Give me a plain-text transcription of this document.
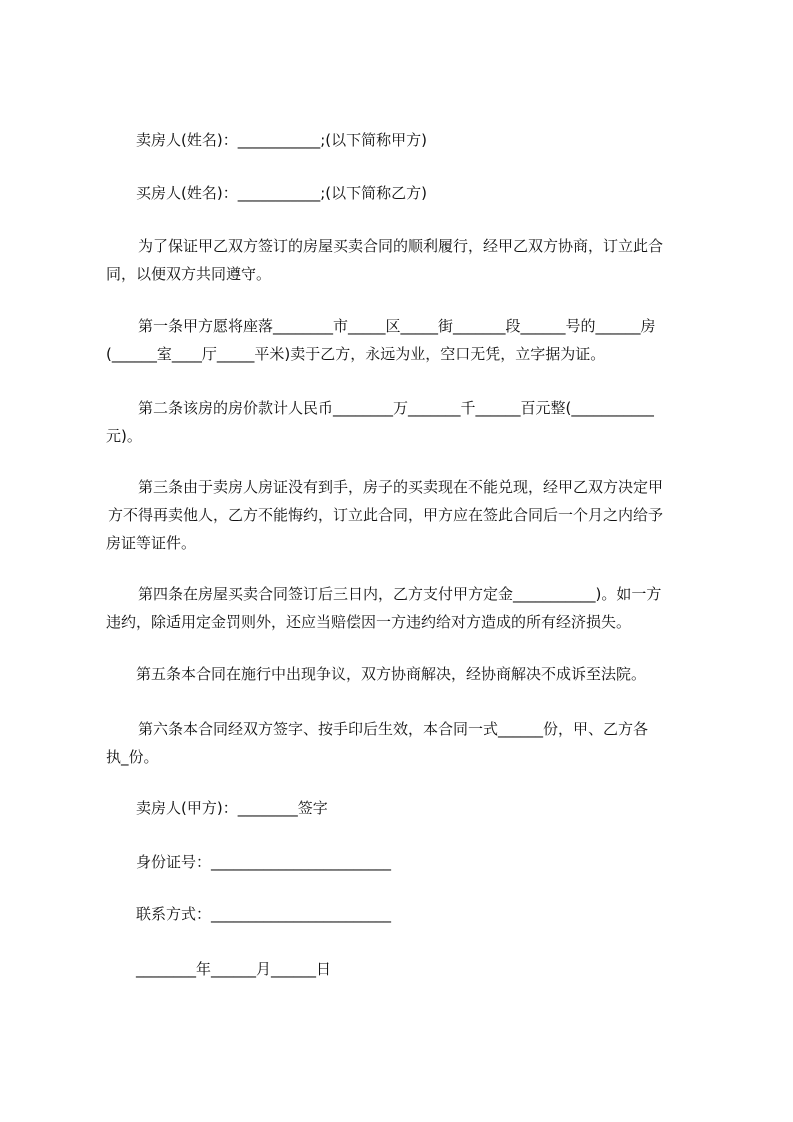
卖房人(姓名)：___________;(以下简称甲方)
买房人(姓名)：___________;(以下简称乙方)
为了保证甲乙双方签订的房屋买卖合同的顺利履行，经甲乙双方协商，订立此合
同，以便双方共同遵守。
第一条甲方愿将座落________市_____区_____街_______段______号的______房
(______室____厅_____平米)卖于乙方，永远为业，空口无凭，立字据为证。
第二条该房的房价款计人民币________万_______千______百元整(___________
元)。
第三条由于卖房人房证没有到手，房子的买卖现在不能兑现，经甲乙双方决定甲
方不得再卖他人，乙方不能悔约，订立此合同，甲方应在签此合同后一个月之内给予
房证等证件。
第四条在房屋买卖合同签订后三日内，乙方支付甲方定金___________)。如一方
违约，除适用定金罚则外，还应当赔偿因一方违约给对方造成的所有经济损失。
第五条本合同在施行中出现争议，双方协商解决，经协商解决不成诉至法院。
第六条本合同经双方签字、按手印后生效，本合同一式______份，甲、乙方各
执_份。
卖房人(甲方)：________签字
身份证号：________________________
联系方式：________________________
________年______月______日
